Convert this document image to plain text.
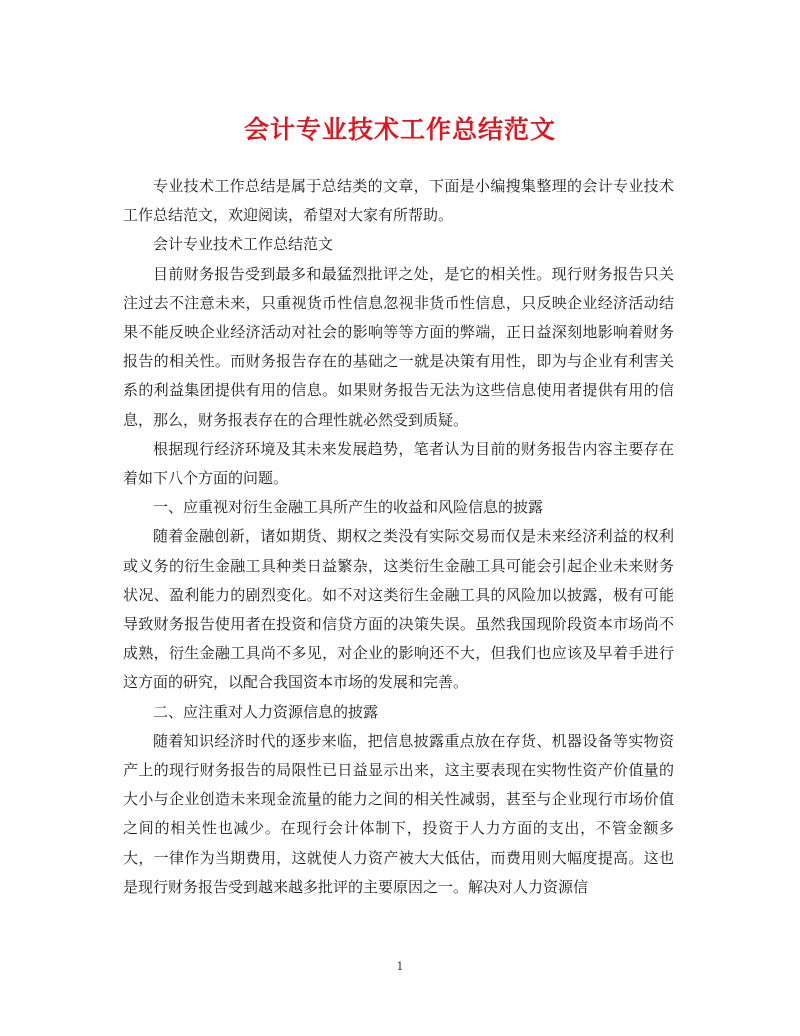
会计专业技术工作总结范文

专业技术工作总结是属于总结类的文章，下面是小编搜集整理的会计专业技术工作总结范文，欢迎阅读，希望对大家有所帮助。

会计专业技术工作总结范文

目前财务报告受到最多和最猛烈批评之处，是它的相关性。现行财务报告只关注过去不注意未来，只重视货币性信息忽视非货币性信息，只反映企业经济活动结果不能反映企业经济活动对社会的影响等等方面的弊端，正日益深刻地影响着财务报告的相关性。而财务报告存在的基础之一就是决策有用性，即为与企业有利害关系的利益集团提供有用的信息。如果财务报告无法为这些信息使用者提供有用的信息，那么，财务报表存在的合理性就必然受到质疑。

根据现行经济环境及其未来发展趋势，笔者认为目前的财务报告内容主要存在着如下八个方面的问题。

一、应重视对衍生金融工具所产生的收益和风险信息的披露

随着金融创新，诸如期货、期权之类没有实际交易而仅是未来经济利益的权利或义务的衍生金融工具种类日益繁杂，这类衍生金融工具可能会引起企业未来财务状况、盈利能力的剧烈变化。如不对这类衍生金融工具的风险加以披露，极有可能导致财务报告使用者在投资和信贷方面的决策失误。虽然我国现阶段资本市场尚不成熟，衍生金融工具尚不多见，对企业的影响还不大，但我们也应该及早着手进行这方面的研究，以配合我国资本市场的发展和完善。

二、应注重对人力资源信息的披露

随着知识经济时代的逐步来临，把信息披露重点放在存货、机器设备等实物资产上的现行财务报告的局限性已日益显示出来，这主要表现在实物性资产价值量的大小与企业创造未来现金流量的能力之间的相关性减弱，甚至与企业现行市场价值之间的相关性也减少。在现行会计体制下，投资于人力方面的支出，不管金额多大，一律作为当期费用，这就使人力资产被大大低估，而费用则大幅度提高。这也是现行财务报告受到越来越多批评的主要原因之一。解决对人力资源信

1
